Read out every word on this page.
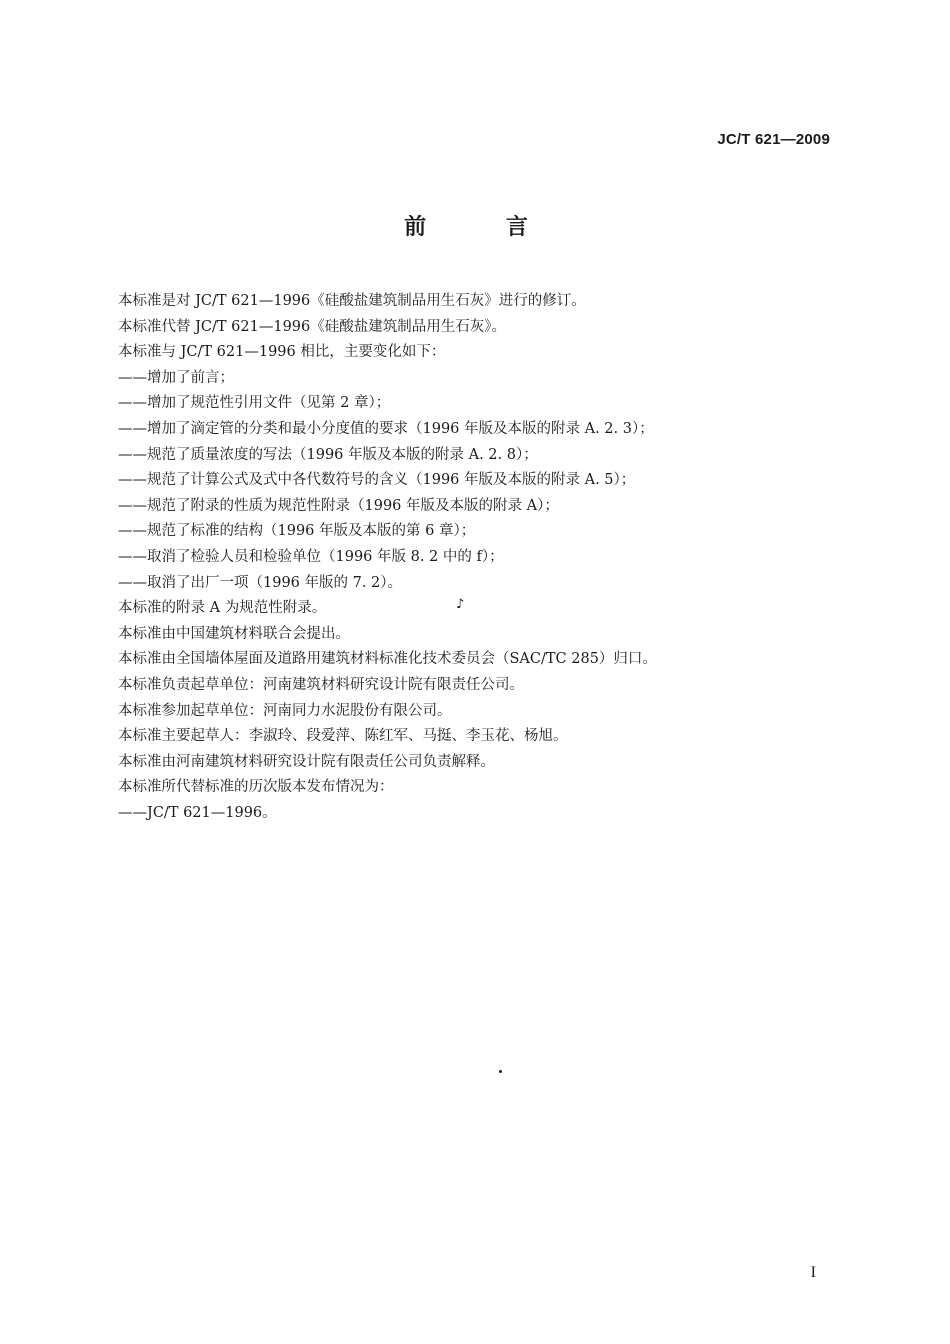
JC/T 621—2009
前 言
本标准是对 JC/T 621—1996《硅酸盐建筑制品用生石灰》进行的修订。
本标准代替 JC/T 621—1996《硅酸盐建筑制品用生石灰》。
本标准与 JC/T 621—1996 相比，主要变化如下：
——增加了前言；
——增加了规范性引用文件（见第 2 章）；
——增加了滴定管的分类和最小分度值的要求（1996 年版及本版的附录 A. 2. 3）；
——规范了质量浓度的写法（1996 年版及本版的附录 A. 2. 8）；
——规范了计算公式及式中各代数符号的含义（1996 年版及本版的附录 A. 5）；
——规范了附录的性质为规范性附录（1996 年版及本版的附录 A）；
——规范了标准的结构（1996 年版及本版的第 6 章）；
——取消了检验人员和检验单位（1996 年版 8. 2 中的 f）；
——取消了出厂一项（1996 年版的 7. 2）。
本标准的附录 A 为规范性附录。
本标准由中国建筑材料联合会提出。
本标准由全国墙体屋面及道路用建筑材料标准化技术委员会（SAC/TC 285）归口。
本标准负责起草单位：河南建筑材料研究设计院有限责任公司。
本标准参加起草单位：河南同力水泥股份有限公司。
本标准主要起草人：李淑玲、段爱萍、陈红军、马挺、李玉花、杨旭。
本标准由河南建筑材料研究设计院有限责任公司负责解释。
本标准所代替标准的历次版本发布情况为：
——JC/T 621—1996。
♪
I
